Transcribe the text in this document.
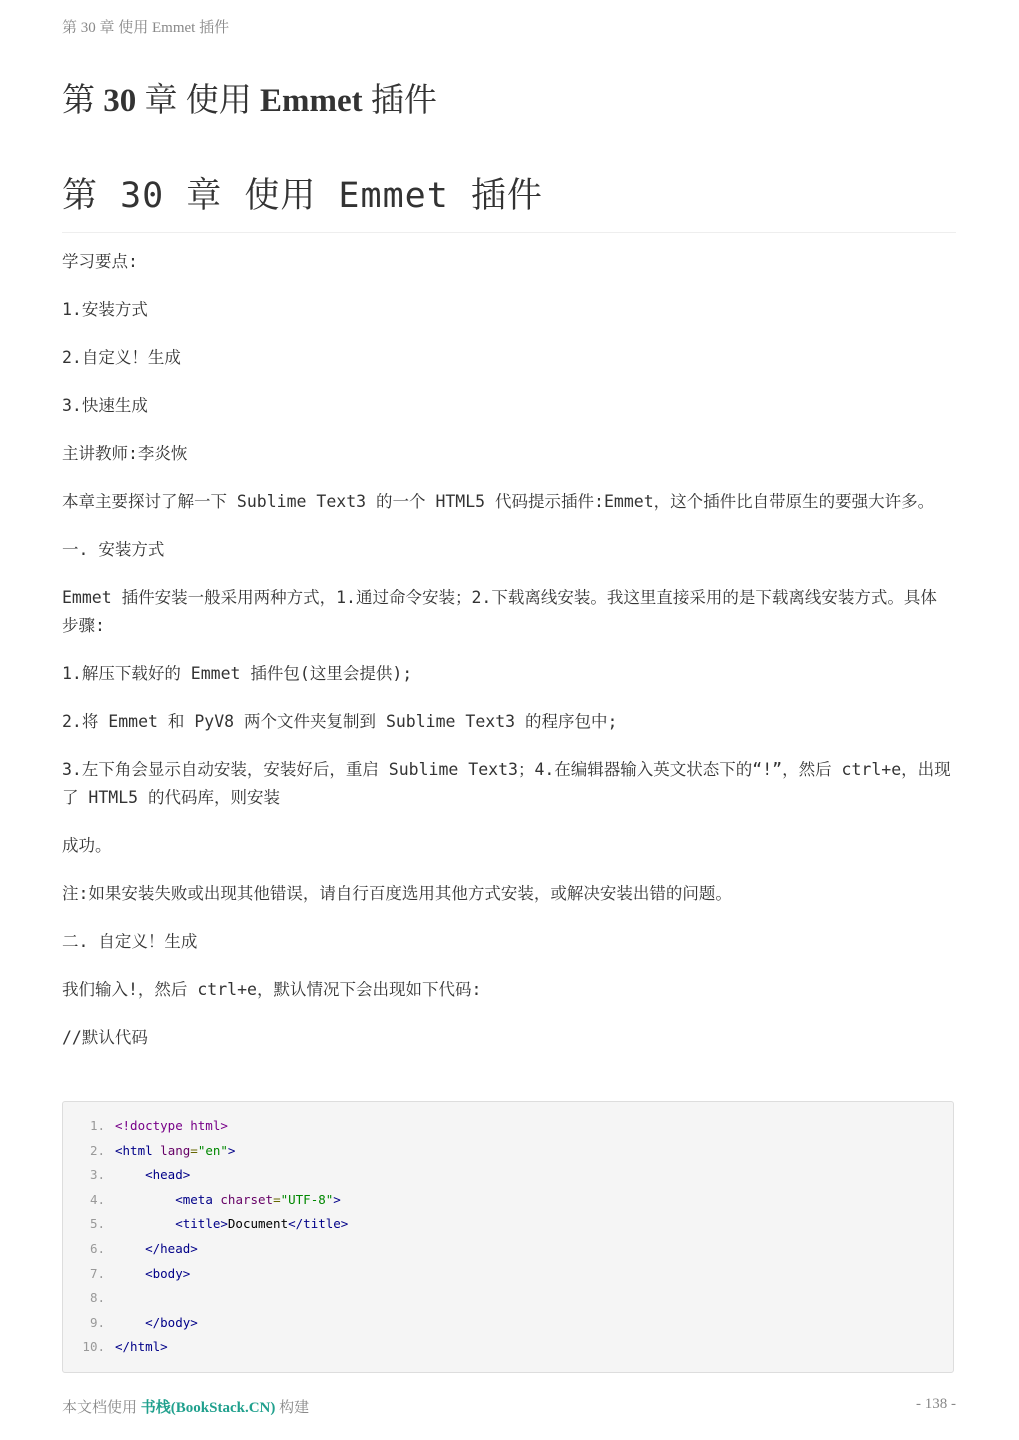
第 30 章 使用 Emmet 插件
第 30 章 使用 Emmet 插件
第 30 章 使用 Emmet 插件

学习要点:

1.安装方式

2.自定义！生成

3.快速生成

主讲教师:李炎恢

本章主要探讨了解一下 Sublime Text3 的一个 HTML5 代码提示插件:Emmet，这个插件比自带原生的要强大许多。

一. 安装方式

Emmet 插件安装一般采用两种方式，1.通过命令安装；2.下载离线安装。我这里直接采用的是下载离线安装方式。具体步骤:

1.解压下载好的 Emmet 插件包(这里会提供);

2.将 Emmet 和 PyV8 两个文件夹复制到 Sublime Text3 的程序包中;

3.左下角会显示自动安装，安装好后，重启 Sublime Text3；4.在编辑器输入英文状态下的“!”，然后 ctrl+e，出现了 HTML5 的代码库，则安装

成功。

注:如果安装失败或出现其他错误，请自行百度选用其他方式安装，或解决安装出错的问题。

二. 自定义！生成

我们输入!，然后 ctrl+e，默认情况下会出现如下代码:

//默认代码

1. <!doctype html>
2. <html lang="en">
3.	<head>
4.	<meta charset="UTF-8">
5.	<title>Document</title>
6.	</head>
7.	<body>
8.
9.	</body>
10. </html>
本文档使用 书栈(BookStack.CN) 构建	- 138 -
